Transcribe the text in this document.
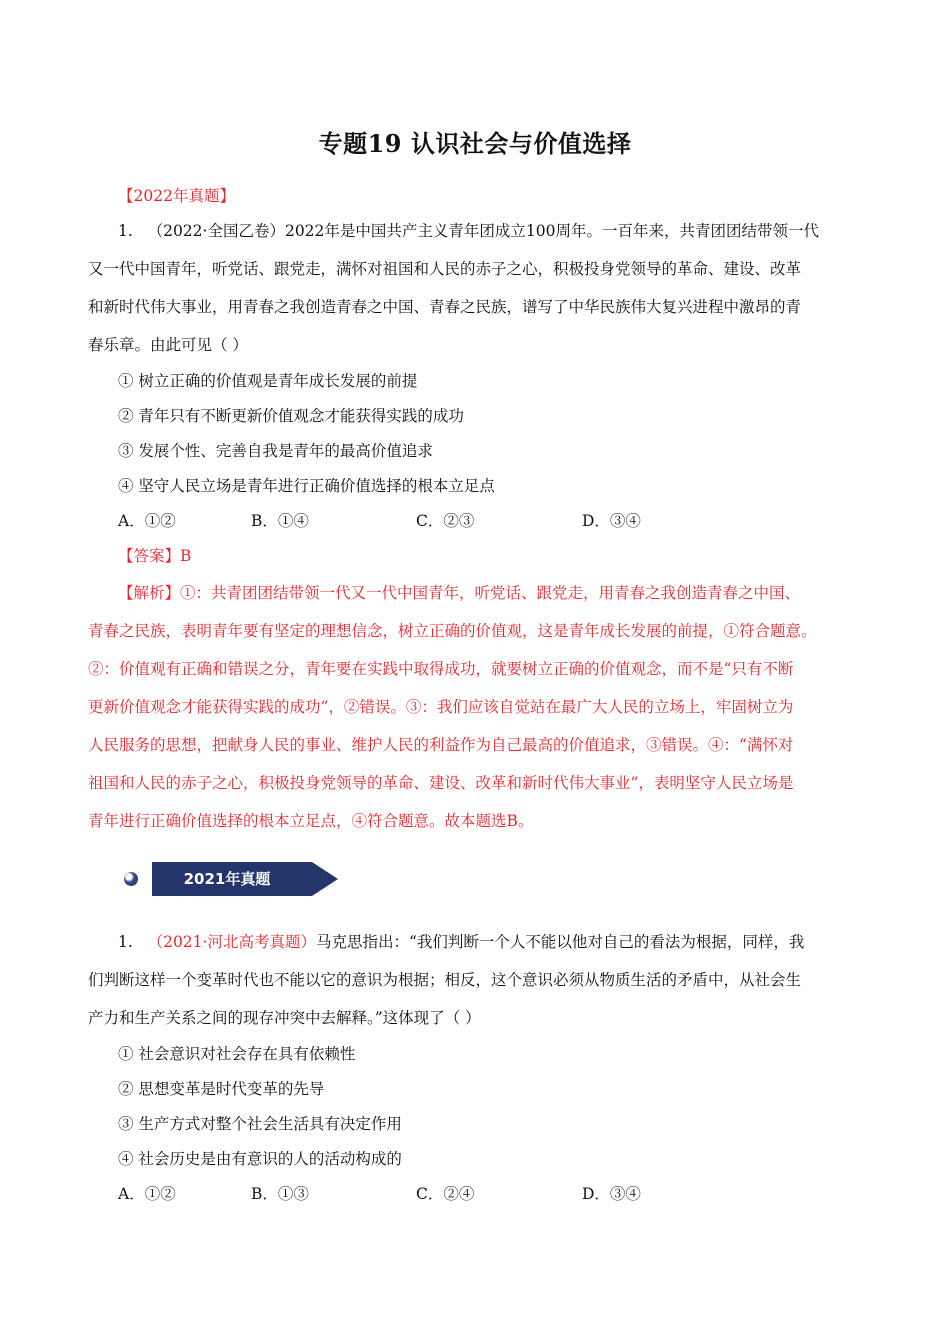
专题19 认识社会与价值选择
【2022年真题】
1. （2022·全国乙卷）2022年是中国共产主义青年团成立100周年。一百年来，共青团团结带领一代
又一代中国青年，听党话、跟党走，满怀对祖国和人民的赤子之心，积极投身党领导的革命、建设、改革
和新时代伟大事业，用青春之我创造青春之中国、青春之民族，谱写了中华民族伟大复兴进程中激昂的青
春乐章。由此可见（ ）
① 树立正确的价值观是青年成长发展的前提
② 青年只有不断更新价值观念才能获得实践的成功
③ 发展个性、完善自我是青年的最高价值追求
④ 坚守人民立场是青年进行正确价值选择的根本立足点
A．①②	B．①④	C．②③	D．③④
【答案】B
【解析】①：共青团团结带领一代又一代中国青年，听党话、跟党走，用青春之我创造青春之中国、
青春之民族，表明青年要有坚定的理想信念，树立正确的价值观，这是青年成长发展的前提，①符合题意。
②：价值观有正确和错误之分，青年要在实践中取得成功，就要树立正确的价值观念，而不是“只有不断
更新价值观念才能获得实践的成功”，②错误。③：我们应该自觉站在最广大人民的立场上，牢固树立为
人民服务的思想，把献身人民的事业、维护人民的利益作为自己最高的价值追求，③错误。④：“满怀对
祖国和人民的赤子之心，积极投身党领导的革命、建设、改革和新时代伟大事业”，表明坚守人民立场是
青年进行正确价值选择的根本立足点，④符合题意。故本题选B。
2021年真题
1. （2021·河北高考真题）马克思指出：“我们判断一个人不能以他对自己的看法为根据，同样，我
们判断这样一个变革时代也不能以它的意识为根据；相反，这个意识必须从物质生活的矛盾中，从社会生
产力和生产关系之间的现存冲突中去解释。”这体现了（ ）
① 社会意识对社会存在具有依赖性
② 思想变革是时代变革的先导
③ 生产方式对整个社会生活具有决定作用
④ 社会历史是由有意识的人的活动构成的
A．①②	B．①③	C．②④	D．③④
